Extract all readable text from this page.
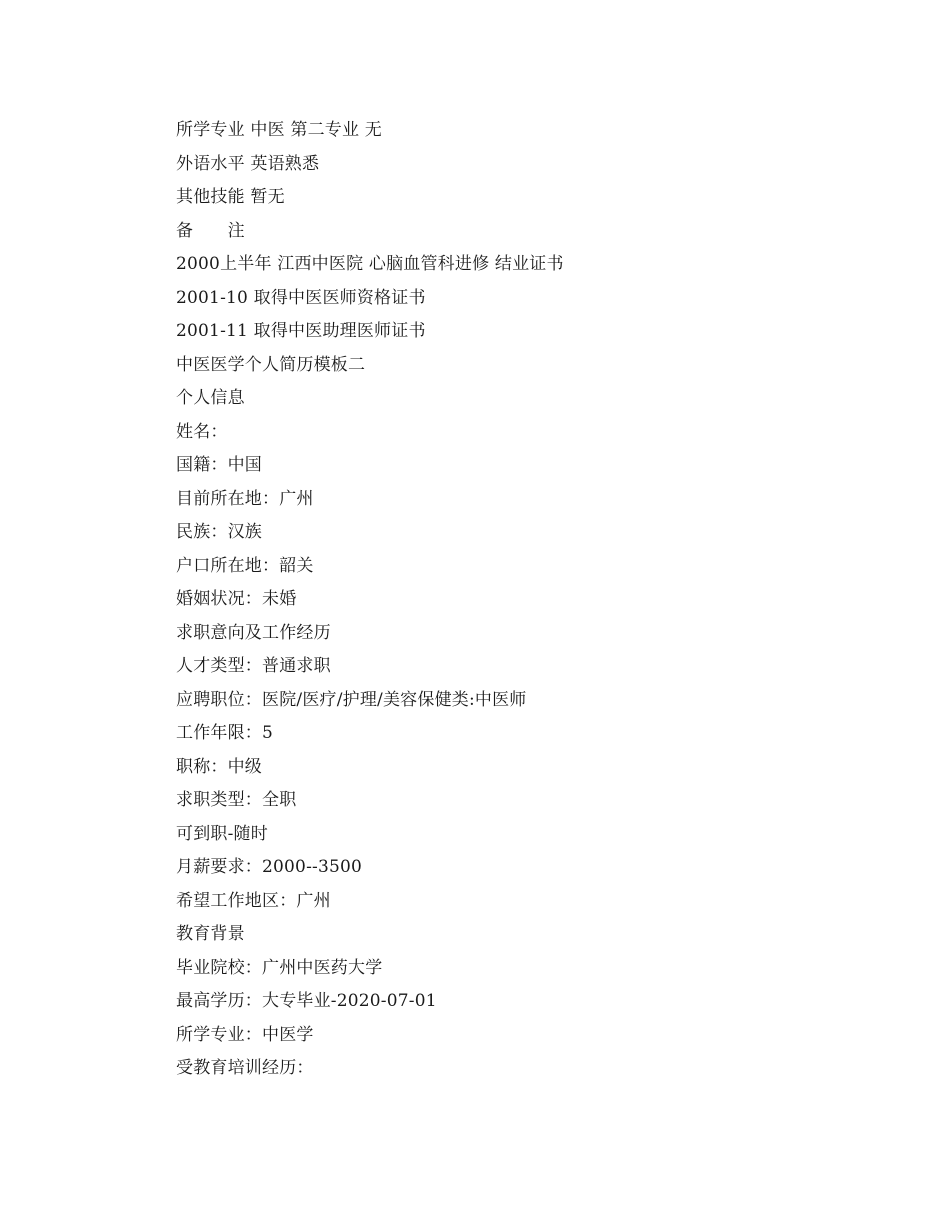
所学专业 中医 第二专业 无
外语水平 英语熟悉
其他技能 暂无
备　　注
2000上半年 江西中医院 心脑血管科进修 结业证书
2001-10 取得中医医师资格证书
2001-11 取得中医助理医师证书
中医医学个人简历模板二
个人信息
姓名：
国籍：中国
目前所在地：广州
民族：汉族
户口所在地：韶关
婚姻状况：未婚
求职意向及工作经历
人才类型：普通求职
应聘职位：医院/医疗/护理/美容保健类:中医师
工作年限：5
职称：中级
求职类型：全职
可到职-随时
月薪要求：2000--3500
希望工作地区：广州
教育背景
毕业院校：广州中医药大学
最高学历：大专毕业-2020-07-01
所学专业：中医学
受教育培训经历：
